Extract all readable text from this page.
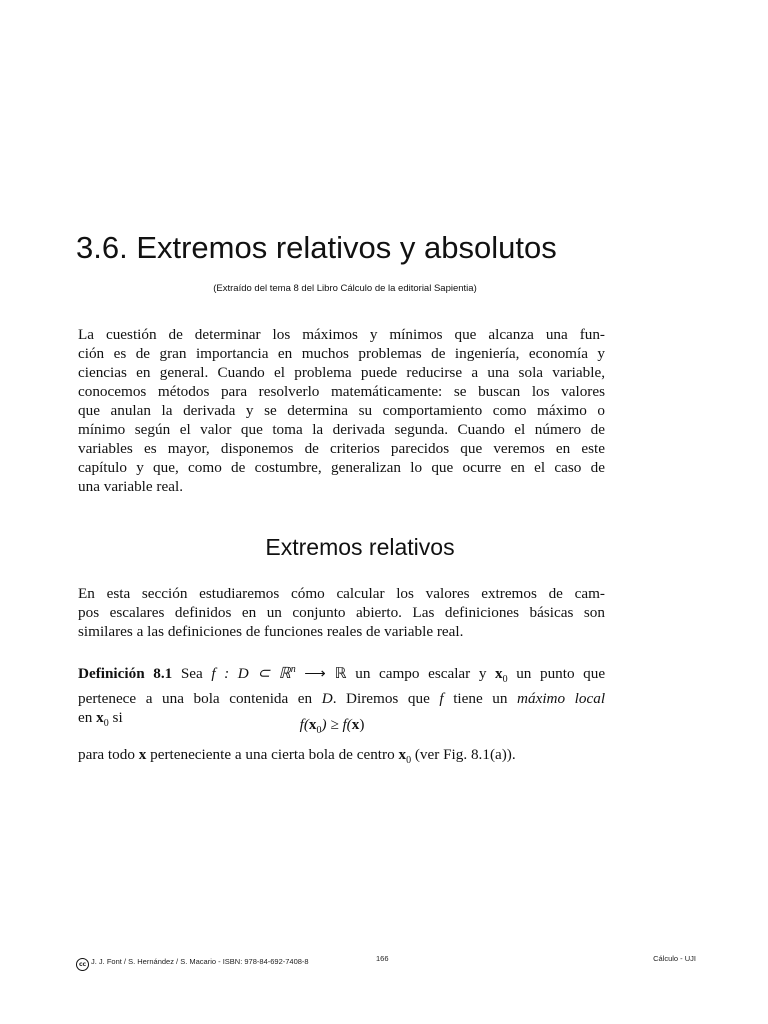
3.6. Extremos relativos y absolutos
(Extraído del tema 8 del Libro Cálculo de la editorial Sapientia)
La cuestión de determinar los máximos y mínimos que alcanza una fun-
ción es de gran importancia en muchos problemas de ingeniería, economía y
ciencias en general. Cuando el problema puede reducirse a una sola variable,
conocemos métodos para resolverlo matemáticamente: se buscan los valores
que anulan la derivada y se determina su comportamiento como máximo o
mínimo según el valor que toma la derivada segunda. Cuando el número de
variables es mayor, disponemos de criterios parecidos que veremos en este
capítulo y que, como de costumbre, generalizan lo que ocurre en el caso de
una variable real.
Extremos relativos
En esta sección estudiaremos cómo calcular los valores extremos de cam-
pos escalares definidos en un conjunto abierto. Las definiciones básicas son
similares a las definiciones de funciones reales de variable real.
Definición 8.1 Sea f : D ⊂ ℝ$^n$ ⟶ ℝ un campo escalar y $x_0$ un punto que
pertenece a una bola contenida en D. Diremos que f tiene un máximo local
en $x_0$ si	$f(x_0) \ge f(x)$
para todo x perteneciente a una cierta bola de centro $x_0$ (ver Fig. 8.1(a)).
cc J. J. Font / S. Hernández / S. Macario - ISBN: 978-84-692-7408-8	166	Cálculo - UJI
